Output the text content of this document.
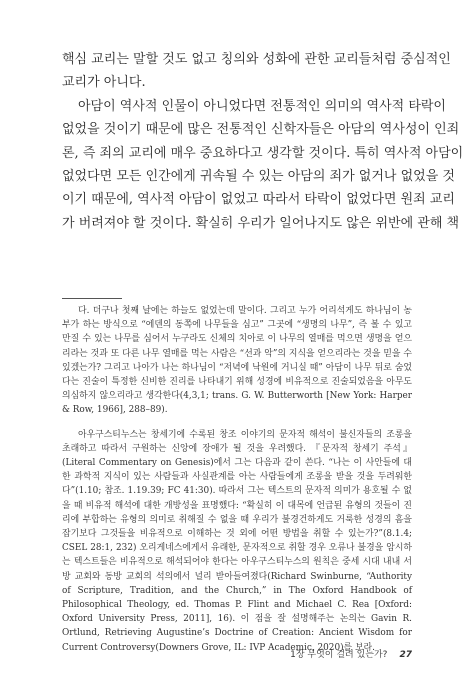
핵심 교리는 말할 것도 없고 칭의와 성화에 관한 교리들처럼 중심적인
교리가 아니다.
아담이 역사적 인물이 아니었다면 전통적인 의미의 역사적 타락이
없었을 것이기 때문에 많은 전통적인 신학자들은 아담의 역사성이 인죄
론, 즉 죄의 교리에 매우 중요하다고 생각할 것이다. 특히 역사적 아담이
없었다면 모든 인간에게 귀속될 수 있는 아담의 죄가 없거나 없었을 것
이기 때문에, 역사적 아담이 없었고 따라서 타락이 없었다면 원죄 교리
가 버려져야 할 것이다. 확실히 우리가 일어나지도 않은 위반에 관해 책

다. 더구나 첫째 날에는 하늘도 없었는데 말이다. 그리고 누가 어리석게도 하나님이 농부가 하는 방식으로 “에덴의 동쪽에 나무들을 심고” 그곳에 “생명의 나무”, 즉 볼 수 있고 만질 수 있는 나무를 심어서 누구라도 신체의 치아로 이 나무의 열매를 먹으면 생명을 얻으리라는 것과 또 다른 나무 열매를 먹는 사람은 “선과 악”의 지식을 얻으리라는 것을 믿을 수 있겠는가? 그리고 나아가 나는 하나님이 “저녁에 낙원에 거니실 때” 아담이 나무 뒤로 숨었다는 진술이 특정한 신비한 진리를 나타내기 위해 성경에 비유적으로 진술되었음을 아무도 의심하지 않으리라고 생각한다(4,3,1; trans. G. W. Butterworth [New York: Harper & Row, 1966], 288–89).

아우구스티누스는 창세기에 수록된 창조 이야기의 문자적 해석이 불신자들의 조롱을 초래하고 따라서 구원하는 신앙에 장애가 될 것을 우려했다. 『문자적 창세기 주석』(Literal Commentary on Genesis)에서 그는 다음과 같이 쓴다. “나는 이 사안들에 대한 과학적 지식이 있는 사람들과 사실관계를 아는 사람들에게 조롱을 받을 것을 두려워한다”(1.10; 참조. 1.19.39; FC 41:30). 따라서 그는 텍스트의 문자적 의미가 용호될 수 없을 때 비유적 해석에 대한 개방성을 표명했다: “확실히 이 대목에 언급된 유형의 것들이 진리에 부합하는 유형의 의미로 취해질 수 없을 때 우리가 불경건하게도 거룩한 성경의 흠을 잡기보다 그것들을 비유적으로 이해하는 것 외에 어떤 방법을 취할 수 있는가?”(8.1.4; CSEL 28:1, 232) 오리게네스에게서 유래한, 문자적으로 취할 경우 오류나 불경을 암시하는 텍스트들은 비유적으로 해석되어야 한다는 아우구스티누스의 원칙은 중세 시대 내내 서방 교회와 동방 교회의 석의에서 널리 받아들여졌다(Richard Swinburne, “Authority of Scripture, Tradition, and the Church,” in The Oxford Handbook of Philosophical Theology, ed. Thomas P. Flint and Michael C. Rea [Oxford: Oxford University Press, 2011], 16). 이 점을 잘 설명해주는 논의는 Gavin R. Ortlund, Retrieving Augustine’s Doctrine of Creation: Ancient Wisdom for Current Controversy(Downers Grove, IL: IVP Academic, 2020)를 보라.

1장 무엇이 걸려 있는가? 27
